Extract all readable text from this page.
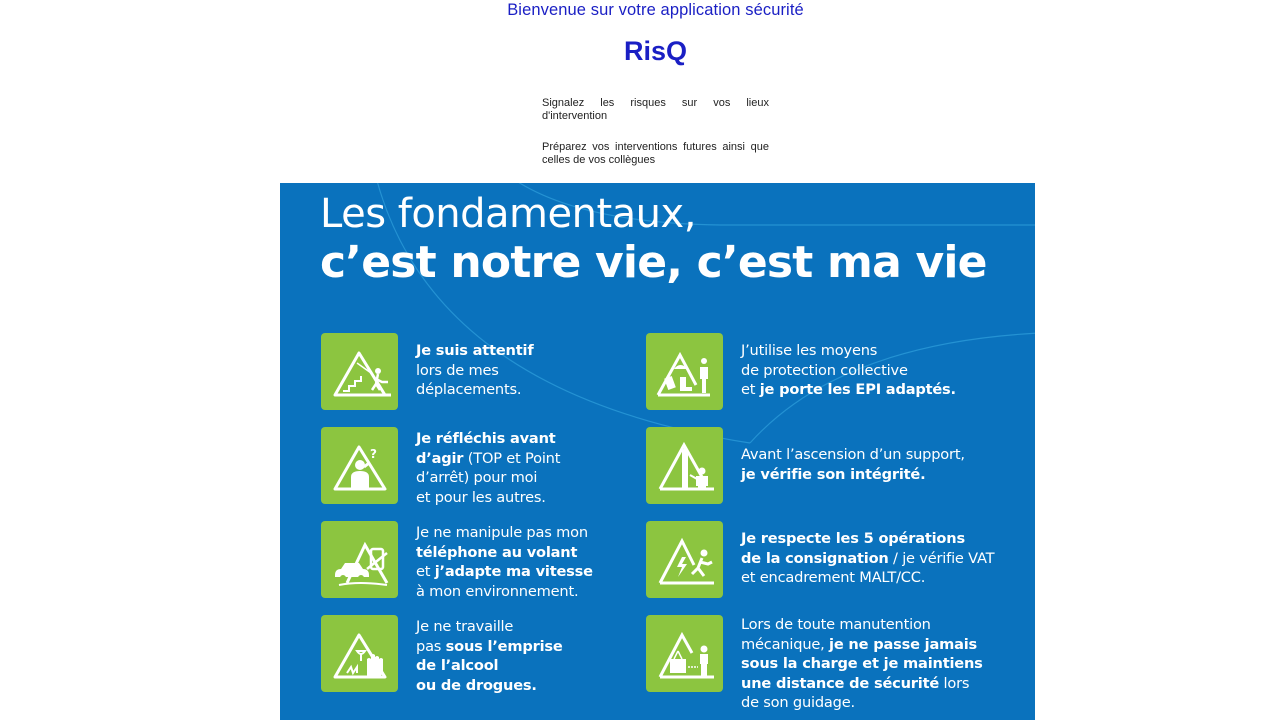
Bienvenue sur votre application sécurité
RisQ

Signalez les risques sur vos lieux d'intervention

Préparez vos interventions futures ainsi que celles de vos collègues

Les fondamentaux,
c’est notre vie, c’est ma vie
Je suis attentif
lors de mes
déplacements.
?
Je réfléchis avant
d’agir (TOP et Point
d’arrêt) pour moi
et pour les autres.
Je ne manipule pas mon
téléphone au volant
et j’adapte ma vitesse
à mon environnement.
Je ne travaille
pas sous l’emprise
de l’alcool
ou de drogues.
J’utilise les moyens
de protection collective
et je porte les EPI adaptés.
Avant l’ascension d’un support,
je vérifie son intégrité.
Je respecte les 5 opérations
de la consignation / je vérifie VAT
et encadrement MALT/CC.
Lors de toute manutention
mécanique, je ne passe jamais
sous la charge et je maintiens
une distance de sécurité lors
de son guidage.
